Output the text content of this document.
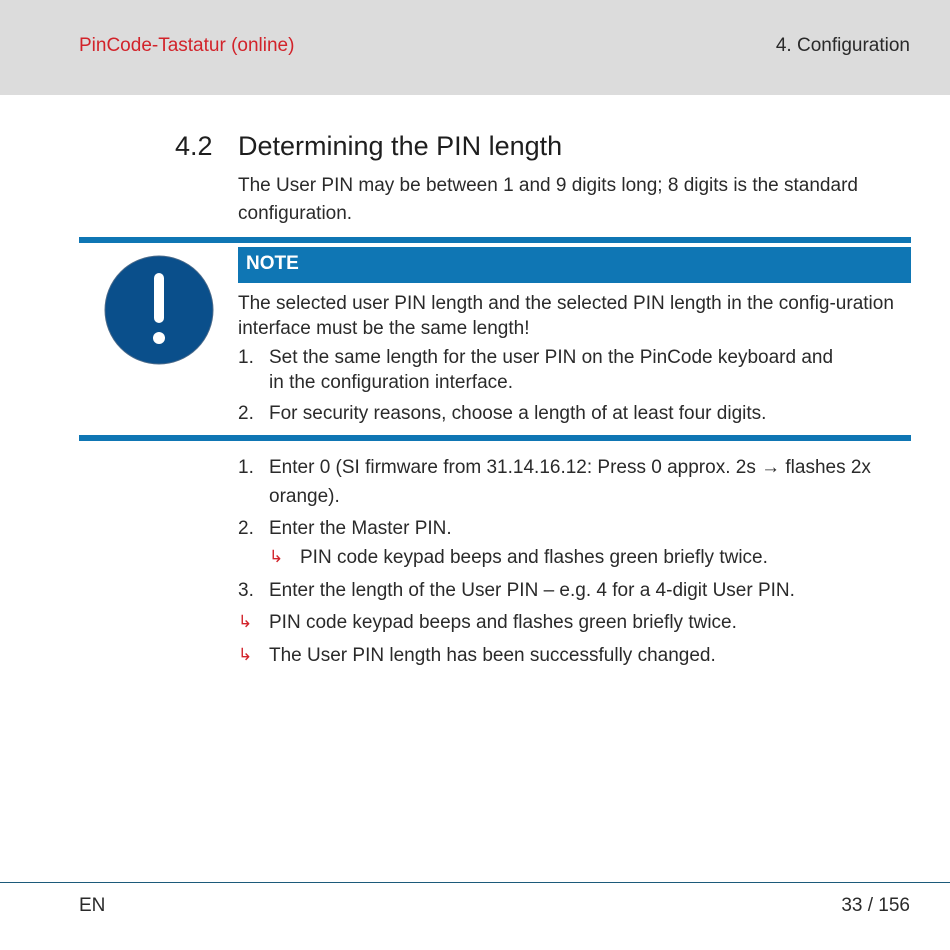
PinCode-Tastatur (online)	4. Configuration
4.2 Determining the PIN length
The User PIN may be between 1 and 9 digits long; 8 digits is the standard configuration.
NOTE
The selected user PIN length and the selected PIN length in the config-uration interface must be the same length!
1. Set the same length for the user PIN on the PinCode keyboard and
in the configuration interface.
2. For security reasons, choose a length of at least four digits.
1. Enter 0 (SI firmware from 31.14.16.12: Press 0 approx. 2s → flashes 2x
orange).
2. Enter the Master PIN.
↳ PIN code keypad beeps and flashes green briefly twice.
3. Enter the length of the User PIN – e.g. 4 for a 4-digit User PIN.
↳ PIN code keypad beeps and flashes green briefly twice.
↳ The User PIN length has been successfully changed.
EN	33 / 156
